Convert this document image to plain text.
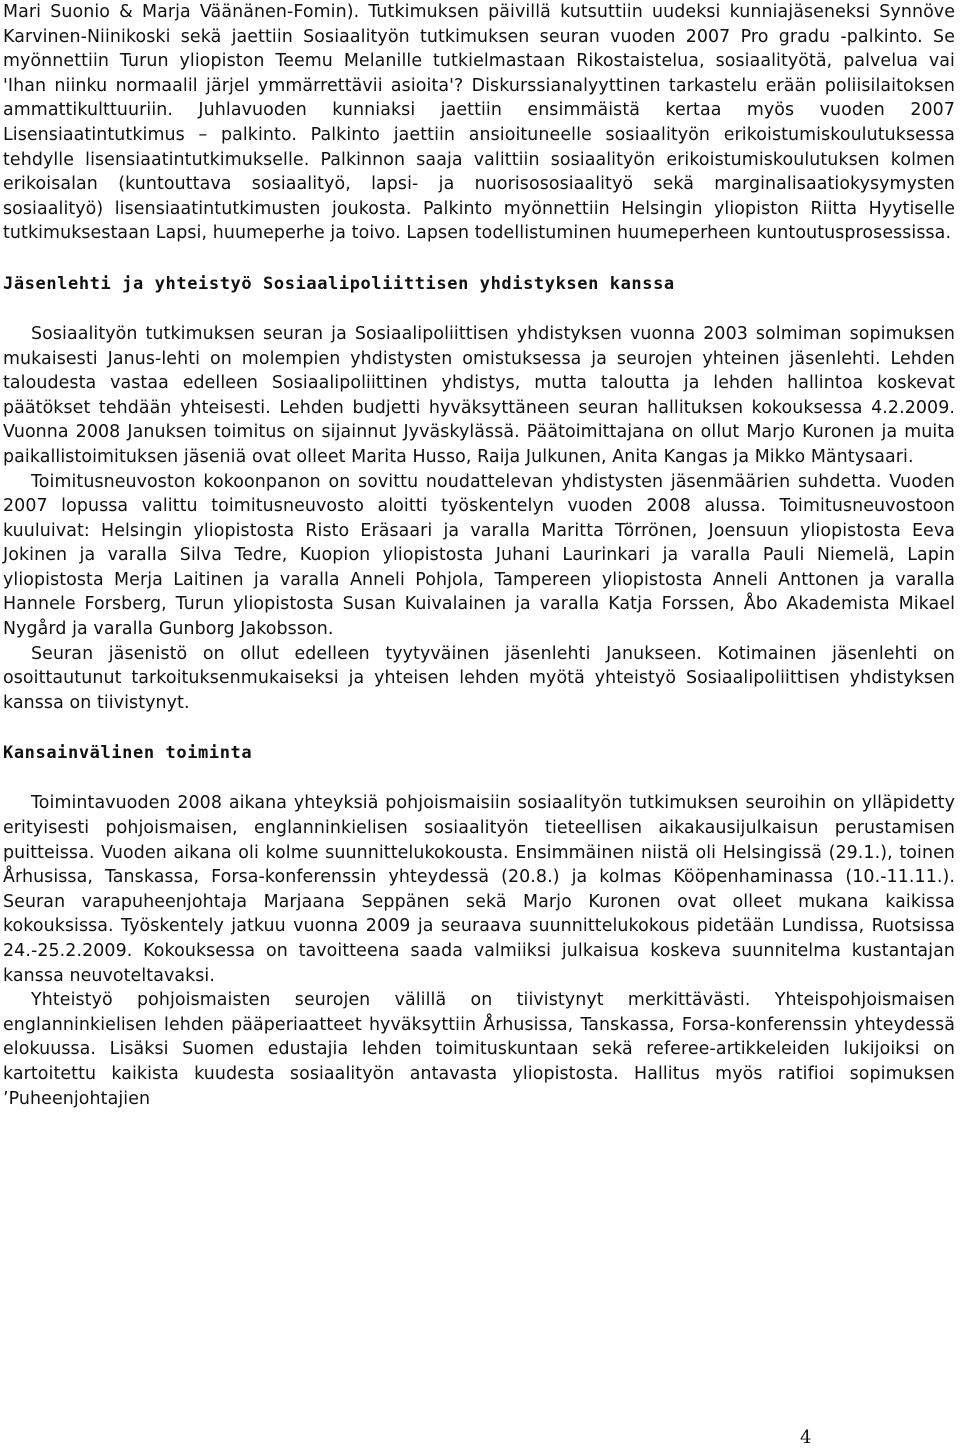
Mari Suonio & Marja Väänänen-Fomin). Tutkimuksen päivillä kutsuttiin uudeksi kunniajäseneksi Synnöve Karvinen-Niinikoski sekä jaettiin Sosiaalityön tutkimuksen seuran vuoden 2007 Pro gradu -palkinto. Se myönnettiin Turun yliopiston Teemu Melanille tutkielmastaan Rikostaistelua, sosiaalityötä, palvelua vai 'Ihan niinku normaalil järjel ymmärrettävii asioita'? Diskurssianalyyttinen tarkastelu erään poliisilaitoksen ammattikulttuuriin. Juhlavuoden kunniaksi jaettiin ensimmäistä kertaa myös vuoden 2007 Lisensiaatintutkimus – palkinto. Palkinto jaettiin ansioituneelle sosiaalityön erikoistumiskoulutuksessa tehdylle lisensiaatintutkimukselle. Palkinnon saaja valittiin sosiaalityön erikoistumiskoulutuksen kolmen erikoisalan (kuntouttava sosiaalityö, lapsi- ja nuorisososiaalityö sekä marginalisaatiokysymysten sosiaalityö) lisensiaatintutkimusten joukosta. Palkinto myönnettiin Helsingin yliopiston Riitta Hyytiselle tutkimuksestaan Lapsi, huumeperhe ja toivo. Lapsen todellistuminen huumeperheen kuntoutusprosessissa.

Jäsenlehti ja yhteistyö Sosiaalipoliittisen yhdistyksen kanssa

Sosiaalityön tutkimuksen seuran ja Sosiaalipoliittisen yhdistyksen vuonna 2003 solmiman sopimuksen mukaisesti Janus-lehti on molempien yhdistysten omistuksessa ja seurojen yhteinen jäsenlehti. Lehden taloudesta vastaa edelleen Sosiaalipoliittinen yhdistys, mutta taloutta ja lehden hallintoa koskevat päätökset tehdään yhteisesti. Lehden budjetti hyväksyttäneen seuran hallituksen kokouksessa 4.2.2009. Vuonna 2008 Januksen toimitus on sijainnut Jyväskylässä. Päätoimittajana on ollut Marjo Kuronen ja muita paikallistoimituksen jäseniä ovat olleet Marita Husso, Raija Julkunen, Anita Kangas ja Mikko Mäntysaari.

Toimitusneuvoston kokoonpanon on sovittu noudattelevan yhdistysten jäsenmäärien suhdetta. Vuoden 2007 lopussa valittu toimitusneuvosto aloitti työskentelyn vuoden 2008 alussa. Toimitusneuvostoon kuuluivat: Helsingin yliopistosta Risto Eräsaari ja varalla Maritta Törrönen, Joensuun yliopistosta Eeva Jokinen ja varalla Silva Tedre, Kuopion yliopistosta Juhani Laurinkari ja varalla Pauli Niemelä, Lapin yliopistosta Merja Laitinen ja varalla Anneli Pohjola, Tampereen yliopistosta Anneli Anttonen ja varalla Hannele Forsberg, Turun yliopistosta Susan Kuivalainen ja varalla Katja Forssen, Åbo Akademista Mikael Nygård ja varalla Gunborg Jakobsson.

Seuran jäsenistö on ollut edelleen tyytyväinen jäsenlehti Janukseen. Kotimainen jäsenlehti on osoittautunut tarkoituksenmukaiseksi ja yhteisen lehden myötä yhteistyö Sosiaalipoliittisen yhdistyksen kanssa on tiivistynyt.

Kansainvälinen toiminta

Toimintavuoden 2008 aikana yhteyksiä pohjoismaisiin sosiaalityön tutkimuksen seuroihin on ylläpidetty erityisesti pohjoismaisen, englanninkielisen sosiaalityön tieteellisen aikakausijulkaisun perustamisen puitteissa. Vuoden aikana oli kolme suunnittelukokousta. Ensimmäinen niistä oli Helsingissä (29.1.), toinen Århusissa, Tanskassa, Forsa-konferenssin yhteydessä (20.8.) ja kolmas Kööpenhaminassa (10.-11.11.). Seuran varapuheenjohtaja Marjaana Seppänen sekä Marjo Kuronen ovat olleet mukana kaikissa kokouksissa. Työskentely jatkuu vuonna 2009 ja seuraava suunnittelukokous pidetään Lundissa, Ruotsissa 24.-25.2.2009. Kokouksessa on tavoitteena saada valmiiksi julkaisua koskeva suunnitelma kustantajan kanssa neuvoteltavaksi.

Yhteistyö pohjoismaisten seurojen välillä on tiivistynyt merkittävästi. Yhteispohjoismaisen englanninkielisen lehden pääperiaatteet hyväksyttiin Århusissa, Tanskassa, Forsa-konferenssin yhteydessä elokuussa. Lisäksi Suomen edustajia lehden toimituskuntaan sekä referee-artikkeleiden lukijoiksi on kartoitettu kaikista kuudesta sosiaalityön antavasta yliopistosta. Hallitus myös ratifioi sopimuksen ’Puheenjohtajien

4
